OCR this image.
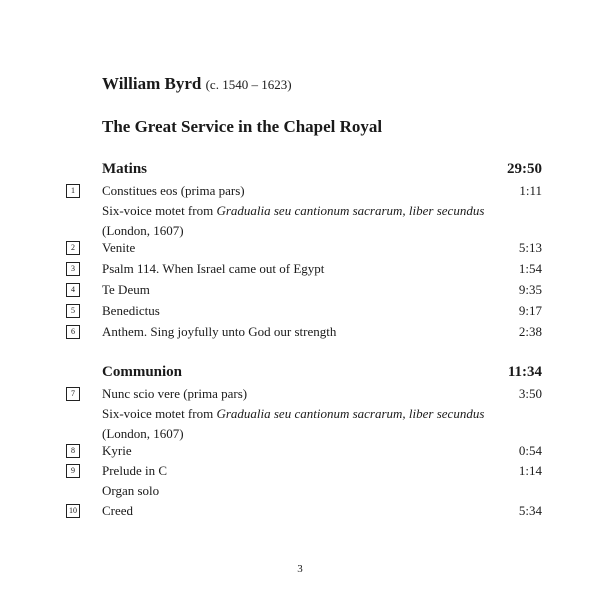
William Byrd (c. 1540 – 1623)
The Great Service in the Chapel Royal
Matins	29:50
1	Constitues eos (prima pars)	1:11
Six-voice motet from Gradualia seu cantionum sacrarum, liber secundus
(London, 1607)
2	Venite	5:13
3	Psalm 114. When Israel came out of Egypt	1:54
4	Te Deum	9:35
5	Benedictus	9:17
6	Anthem. Sing joyfully unto God our strength	2:38
Communion	11:34
7	Nunc scio vere (prima pars)	3:50
Six-voice motet from Gradualia seu cantionum sacrarum, liber secundus
(London, 1607)
8	Kyrie	0:54
9	Prelude in C	1:14
Organ solo
10 Creed	5:34
3
